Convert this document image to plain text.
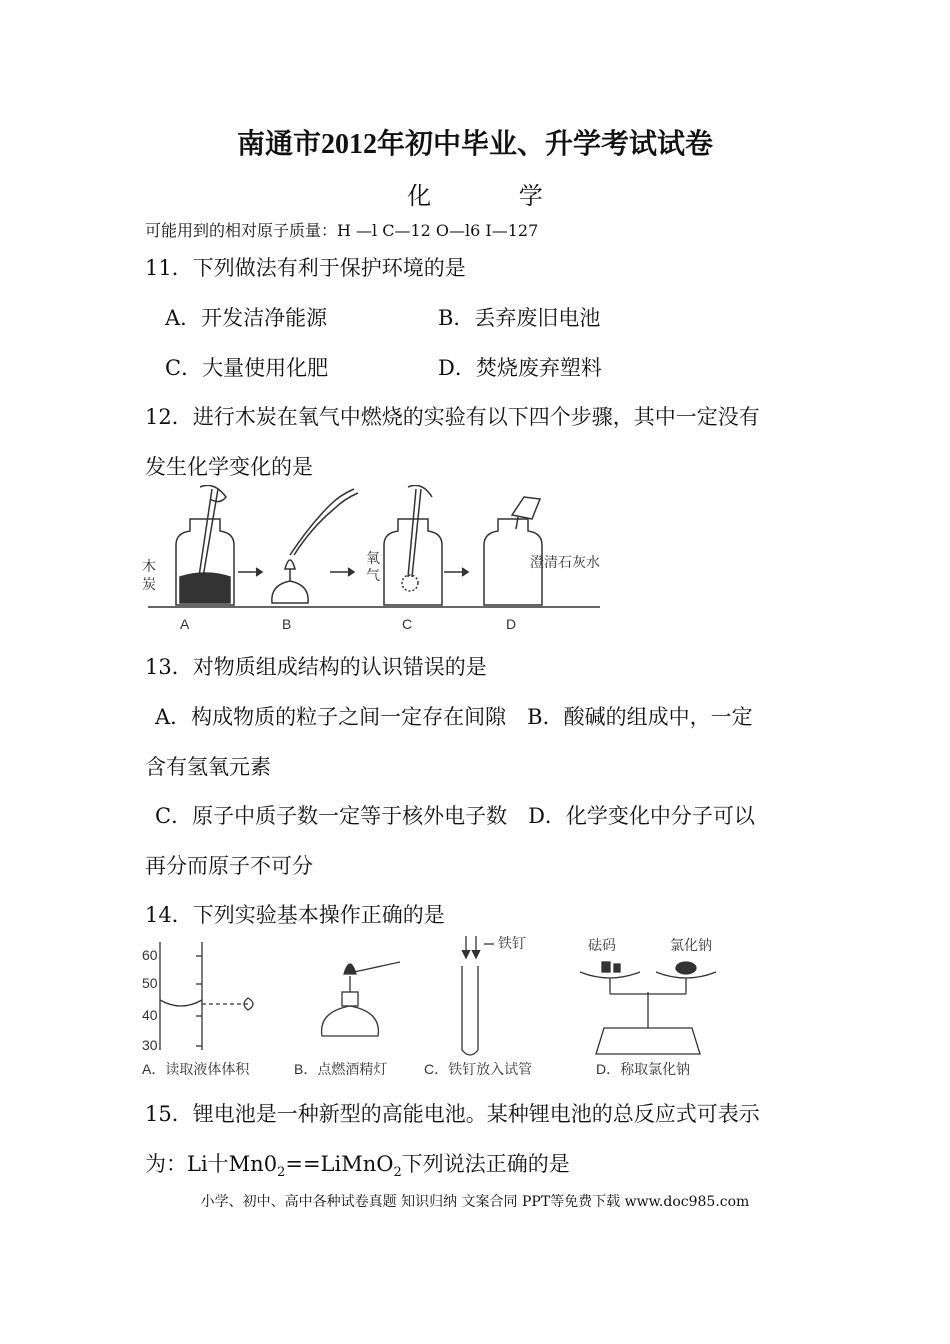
南通市2012年初中毕业、升学考试试卷
化 学
可能用到的相对原子质量：H —l C—12 O—l6 I—127
11．下列做法有利于保护环境的是
A．开发洁净能源	B．丢弃废旧电池
C．大量使用化肥	D．焚烧废弃塑料
12．进行木炭在氧气中燃烧的实验有以下四个步骤，其中一定没有
发生化学变化的是
木
炭
氧
气
澄清石灰水
A	B	C	D
13．对物质组成结构的认识错误的是
A．构成物质的粒子之间一定存在间隙　B．酸碱的组成中，一定
含有氢氧元素
C．原子中质子数一定等于核外电子数　D．化学变化中分子可以
再分而原子不可分
14．下列实验基本操作正确的是
60
50
40
30
铁钉	砝码	氯化钠
A．读取液体体积	B．点燃酒精灯	C．铁钉放入试管	D．称取氯化钠
15．锂电池是一种新型的高能电池。某种锂电池的总反应式可表示
为：Li十$Mn0_2==LiMnO_2$下列说法正确的是
小学、初中、高中各种试卷真题 知识归纳 文案合同 PPT等免费下载 www.doc985.com
